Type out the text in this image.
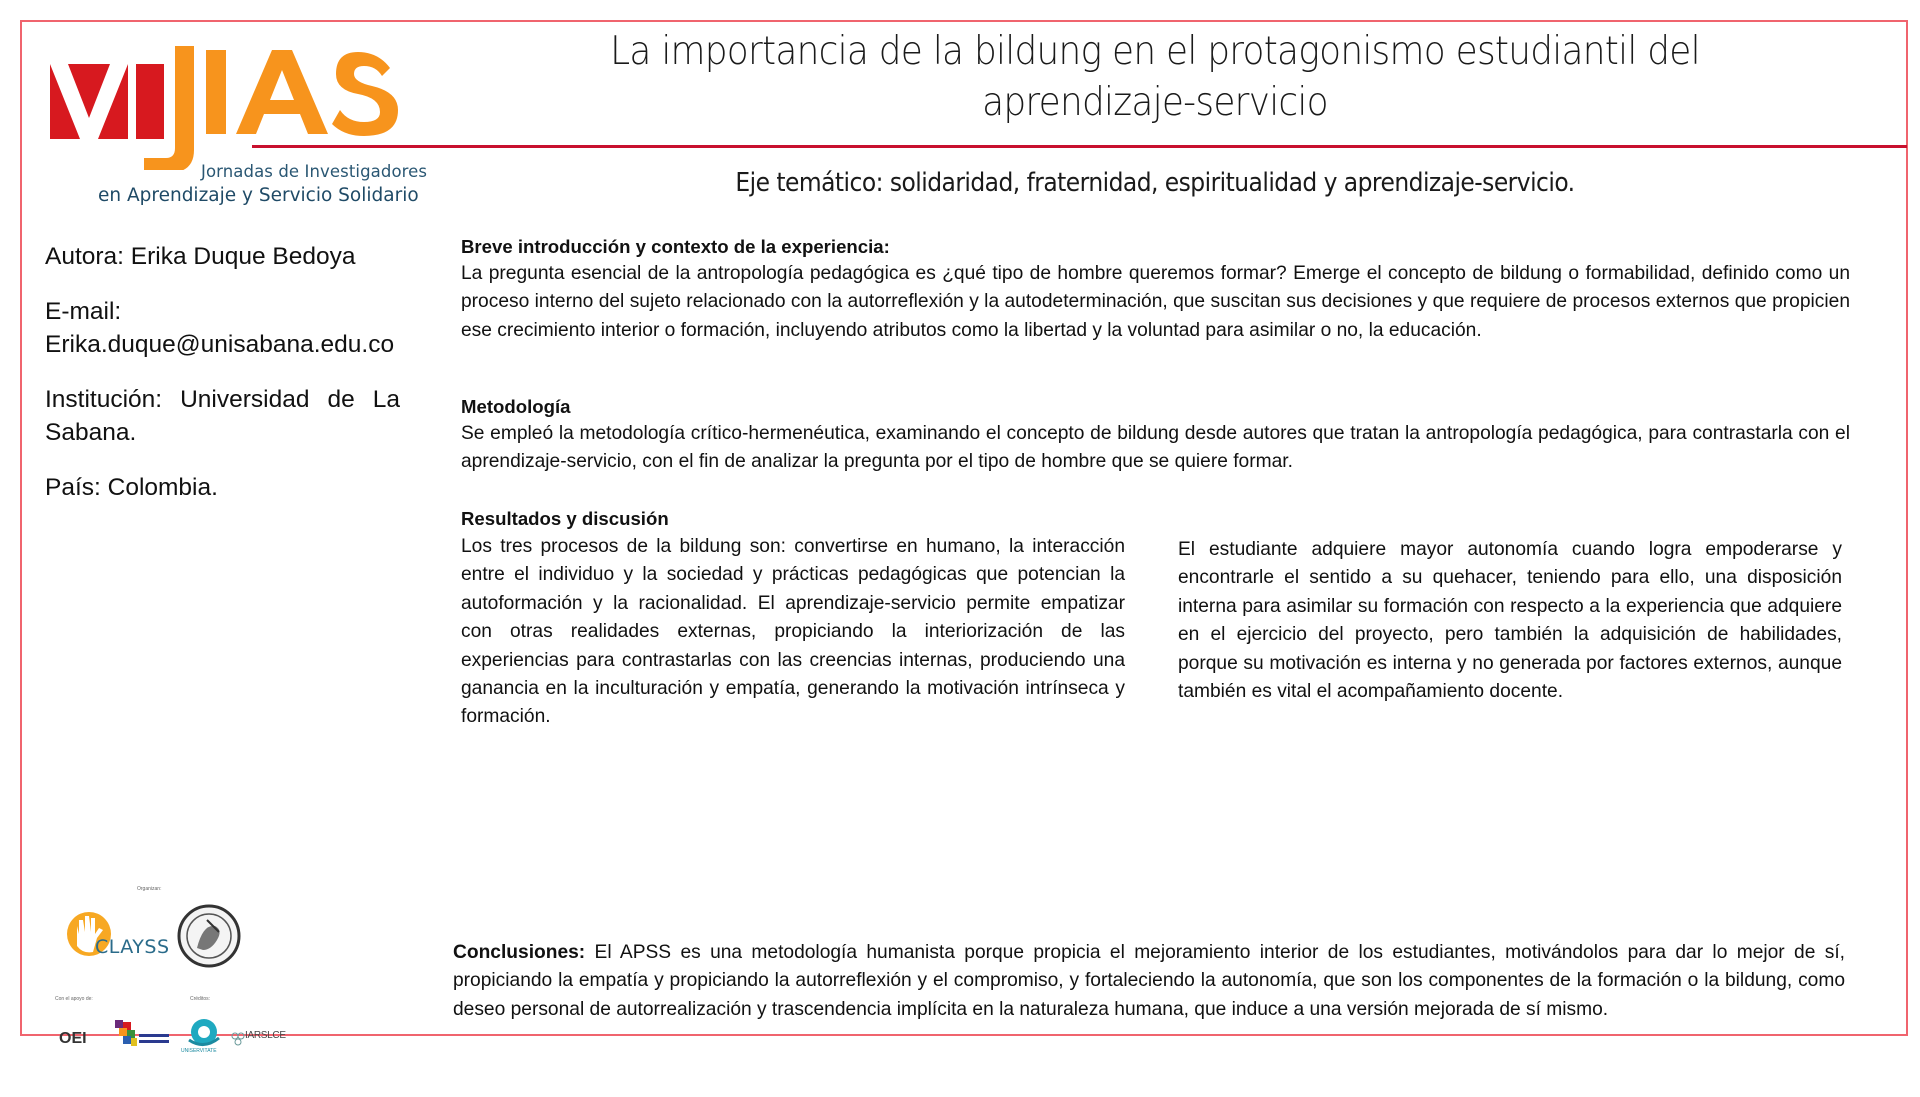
Jornadas de Investigadores
en Aprendizaje y Servicio Solidario
La importancia de la bildung en el protagonismo estudiantil del
aprendizaje-servicio
Eje temático: solidaridad, fraternidad, espiritualidad y aprendizaje-servicio.

Autora: Erika Duque Bedoya

E-mail:
Erika.duque@unisabana.edu.co

Institución: Universidad de La
Sabana.

País: Colombia.

Breve introducción y contexto de la experiencia:
La pregunta esencial de la antropología pedagógica es ¿qué tipo de hombre queremos formar? Emerge el concepto de bildung o formabilidad, definido como un proceso interno del sujeto relacionado con la autorreflexión y la autodeterminación, que suscitan sus decisiones y que requiere de procesos externos que propicien ese crecimiento interior o formación, incluyendo atributos como la libertad y la voluntad para asimilar o no, la educación.
Metodología
Se empleó la metodología crítico-hermenéutica, examinando el concepto de bildung desde autores que tratan la antropología pedagógica, para contrastarla con el aprendizaje-servicio, con el fin de analizar la pregunta por el tipo de hombre que se quiere formar.
Resultados y discusión
Los tres procesos de la bildung son: convertirse en humano, la interacción entre el individuo y la sociedad y prácticas pedagógicas que potencian la autoformación y la racionalidad. El aprendizaje-servicio permite empatizar con otras realidades externas, propiciando la interiorización de las experiencias para contrastarlas con las creencias internas, produciendo una ganancia en la inculturación y empatía, generando la motivación intrínseca y formación.
El estudiante adquiere mayor autonomía cuando logra empoderarse y encontrarle el sentido a su quehacer, teniendo para ello, una disposición interna para asimilar su formación con respecto a la experiencia que adquiere en el ejercicio del proyecto, pero también la adquisición de habilidades, porque su motivación es interna y no generada por factores externos, aunque también es vital el acompañamiento docente.
Conclusiones: El APSS es una metodología humanista porque propicia el mejoramiento interior de los estudiantes, motivándolos para dar lo mejor de sí, propiciando la empatía y propiciando la autorreflexión y el compromiso, y fortaleciendo la autonomía, que son los componentes de la formación o la bildung, como deseo personal de autorrealización y trascendencia implícita en la naturaleza humana, que induce a una versión mejorada de sí mismo.
Organizan:
CLAYSS
Con el apoyo de:	Créditos:
OEI
UNISERVITATE
IARSLCE
